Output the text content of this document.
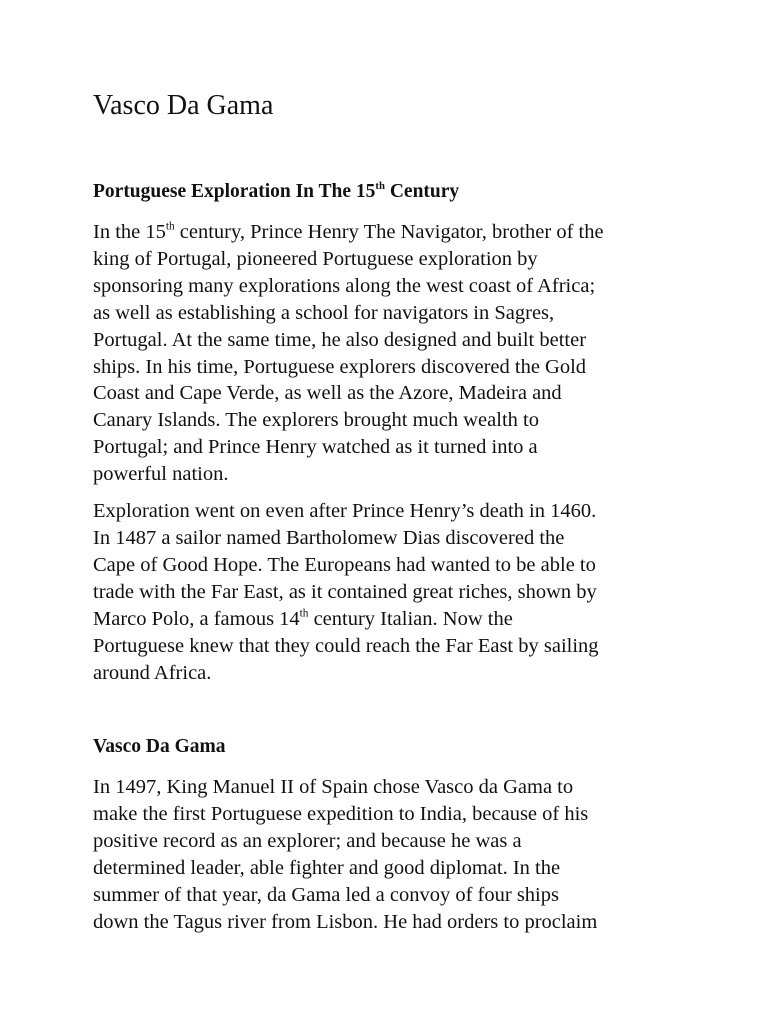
Vasco Da Gama
Portuguese Exploration In The 15th Century

In the 15th century, Prince Henry The Navigator, brother of the
king of Portugal, pioneered Portuguese exploration by
sponsoring many explorations along the west coast of Africa;
as well as establishing a school for navigators in Sagres,
Portugal. At the same time, he also designed and built better
ships. In his time, Portuguese explorers discovered the Gold
Coast and Cape Verde, as well as the Azore, Madeira and
Canary Islands. The explorers brought much wealth to
Portugal; and Prince Henry watched as it turned into a
powerful nation.

Exploration went on even after Prince Henry’s death in 1460.
In 1487 a sailor named Bartholomew Dias discovered the
Cape of Good Hope. The Europeans had wanted to be able to
trade with the Far East, as it contained great riches, shown by
Marco Polo, a famous 14th century Italian. Now the
Portuguese knew that they could reach the Far East by sailing
around Africa.

Vasco Da Gama

In 1497, King Manuel II of Spain chose Vasco da Gama to
make the first Portuguese expedition to India, because of his
positive record as an explorer; and because he was a
determined leader, able fighter and good diplomat. In the
summer of that year, da Gama led a convoy of four ships
down the Tagus river from Lisbon. He had orders to proclaim
